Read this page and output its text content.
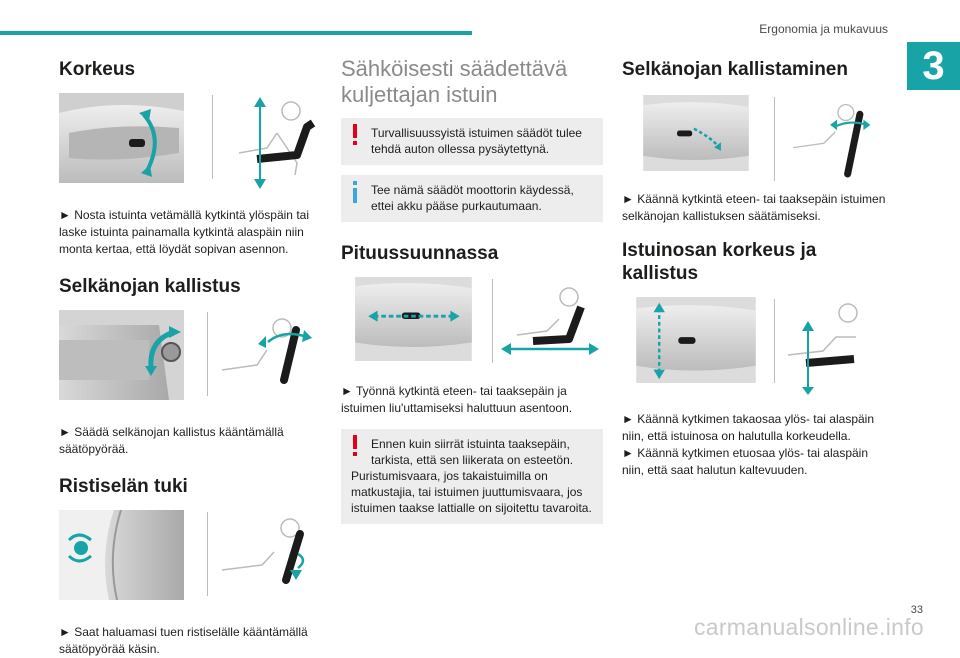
Ergonomia ja mukavuus
3
Korkeus

► Nosta istuinta vetämällä kytkintä ylöspäin tai laske istuinta painamalla kytkintä alaspäin niin monta kertaa, että löydät sopivan asennon.

Selkänojan kallistus

► Säädä selkänojan kallistus kääntämällä säätöpyörää.

Ristiselän tuki

► Saat haluamasi tuen ristiselälle kääntämällä säätöpyörää käsin.

Sähköisesti säädettävä

kuljettajan istuin

Turvallisuussyistä istuimen säädöt tulee tehdä auton ollessa pysäytettynä.

Tee nämä säädöt moottorin käydessä, ettei akku pääse purkautumaan.

Pituussuunnassa

► Työnnä kytkintä eteen- tai taaksepäin ja istuimen liu'uttamiseksi haluttuun asentoon.

Ennen kuin siirrät istuinta taaksepäin, tarkista, että sen liikerata on esteetön.

Puristumisvaara, jos takaistuimilla on matkustajia, tai istuimen juuttumisvaara, jos istuimen taakse lattialle on sijoitettu tavaroita.

Selkänojan kallistaminen

► Käännä kytkintä eteen- tai taaksepäin istuimen selkänojan kallistuksen säätämiseksi.

Istuinosan korkeus ja
kallistus

► Käännä kytkimen takaosaa ylös- tai alaspäin niin, että istuinosa on halutulla korkeudella.

► Käännä kytkimen etuosaa ylös- tai alaspäin niin, että saat halutun kaltevuuden.

33
carmanualsonline.info
